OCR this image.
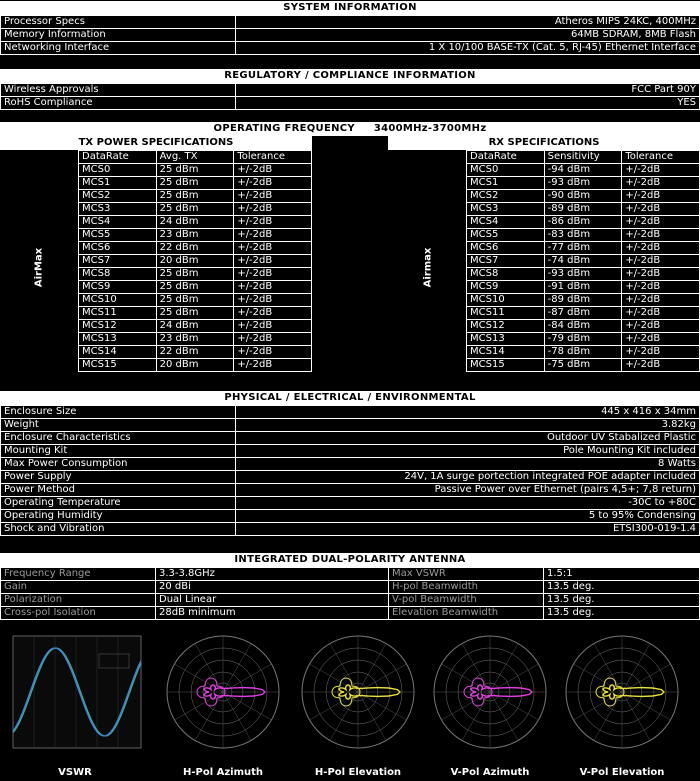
SYSTEM INFORMATION
Processor Specs	Atheros MIPS 24KC, 400MHz
Memory Information	64MB SDRAM, 8MB Flash
Networking Interface	1 X 10/100 BASE-TX (Cat. 5, RJ-45) Ethernet Interface
REGULATORY / COMPLIANCE INFORMATION
Wireless Approvals	FCC Part 90Y
RoHS Compliance	YES
OPERATING FREQUENCY 3400MHz-3700MHz
TX POWER SPECIFICATIONS	RX SPECIFICATIONS
AirMax	Airmax
DataRate	Avg. TX	Tolerance
MCS0	25 dBm	+/-2dB
MCS1	25 dBm	+/-2dB
MCS2	25 dBm	+/-2dB
MCS3	25 dBm	+/-2dB
MCS4	24 dBm	+/-2dB
MCS5	23 dBm	+/-2dB
MCS6	22 dBm	+/-2dB
MCS7	20 dBm	+/-2dB
MCS8	25 dBm	+/-2dB
MCS9	25 dBm	+/-2dB
MCS10	25 dBm	+/-2dB
MCS11	25 dBm	+/-2dB
MCS12	24 dBm	+/-2dB
MCS13	23 dBm	+/-2dB
MCS14	22 dBm	+/-2dB
MCS15	20 dBm	+/-2dB
DataRate	Sensitivity	Tolerance
MCS0	-94 dBm	+/-2dB
MCS1	-93 dBm	+/-2dB
MCS2	-90 dBm	+/-2dB
MCS3	-89 dBm	+/-2dB
MCS4	-86 dBm	+/-2dB
MCS5	-83 dBm	+/-2dB
MCS6	-77 dBm	+/-2dB
MCS7	-74 dBm	+/-2dB
MCS8	-93 dBm	+/-2dB
MCS9	-91 dBm	+/-2dB
MCS10	-89 dBm	+/-2dB
MCS11	-87 dBm	+/-2dB
MCS12	-84 dBm	+/-2dB
MCS13	-79 dBm	+/-2dB
MCS14	-78 dBm	+/-2dB
MCS15	-75 dBm	+/-2dB
PHYSICAL / ELECTRICAL / ENVIRONMENTAL
Enclosure Size	445 x 416 x 34mm
Weight	3.82kg
Enclosure Characteristics	Outdoor UV Stabalized Plastic
Mounting Kit	Pole Mounting Kit included
Max Power Consumption	8 Watts
Power Supply	24V, 1A surge portection integrated POE adapter included
Power Method	Passive Power over Ethernet (pairs 4,5+; 7,8 return)
Operating Temperature	-30C to +80C
Operating Humidity	5 to 95% Condensing
Shock and Vibration	ETSI300-019-1.4
INTEGRATED DUAL-POLARITY ANTENNA
Frequency Range	3.3-3.8GHz	Max VSWR	1.5:1
Gain	20 dBi	H-pol Beamwidth	13.5 deg.
Polarization	Dual Linear	V-pol Beamwidth	13.5 deg.
Cross-pol Isolation	28dB minimum	Elevation Beamwidth	13.5 deg.
VSWR	H-Pol Azimuth	H-Pol Elevation	V-Pol Azimuth	V-Pol Elevation
